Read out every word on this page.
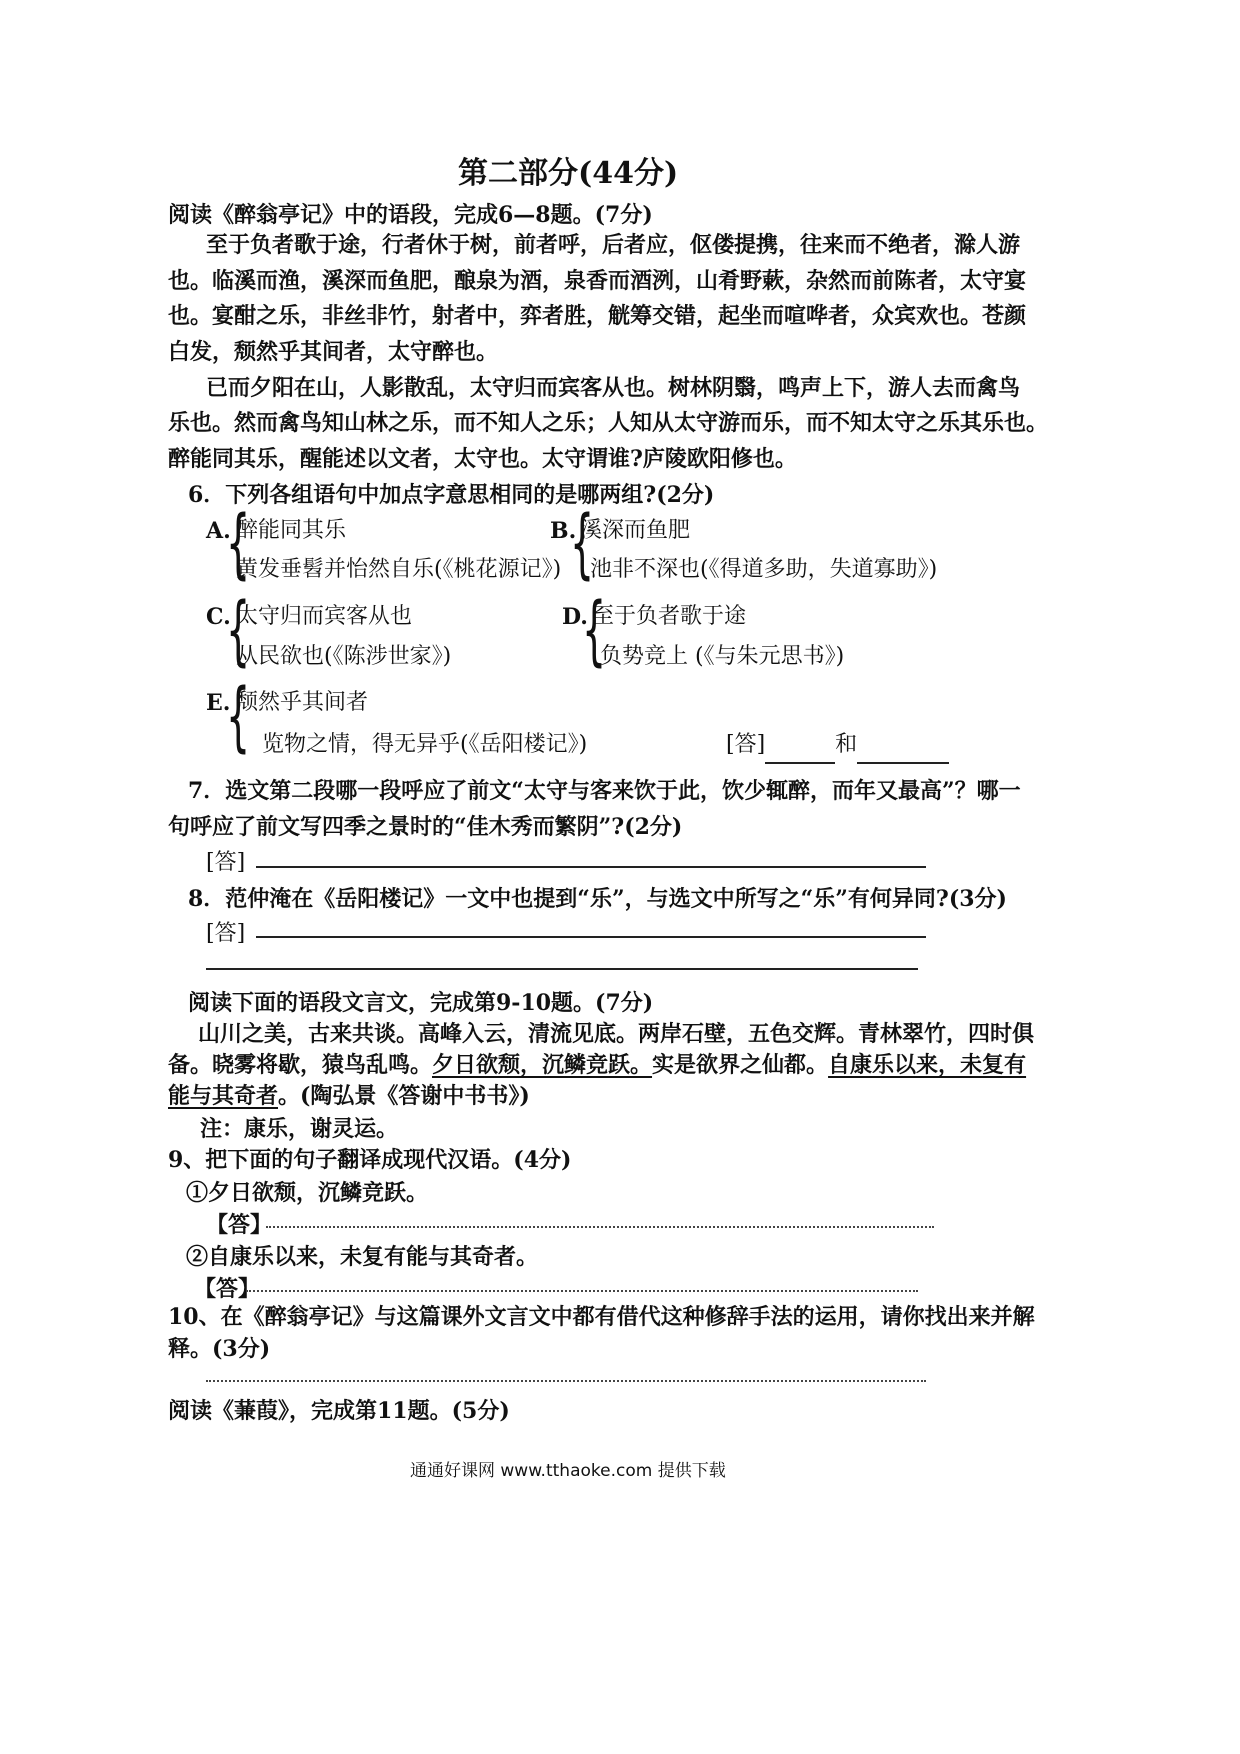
第二部分(44分)
阅读《醉翁亭记》中的语段，完成6—8题。(7分)
至于负者歌于途，行者休于树，前者呼，后者应，伛偻提携，往来而不绝者，滁人游
也。临溪而渔，溪深而鱼肥，酿泉为酒，泉香而酒洌，山肴野蔌，杂然而前陈者，太守宴
也。宴酣之乐，非丝非竹，射者中，弈者胜，觥筹交错，起坐而喧哗者，众宾欢也。苍颜
白发，颓然乎其间者，太守醉也。
已而夕阳在山，人影散乱，太守归而宾客从也。树林阴翳，鸣声上下，游人去而禽鸟
乐也。然而禽鸟知山林之乐，而不知人之乐；人知从太守游而乐，而不知太守之乐其乐也。
醉能同其乐，醒能述以文者，太守也。太守谓谁?庐陵欧阳修也。
6．下列各组语句中加点字意思相同的是哪两组?(2分)
A.
{
醉能同其乐
黄发垂髫并怡然自乐(《桃花源记》)
B.
{
溪深而鱼肥
池非不深也(《得道多助，失道寡助》)
C.
{
太守归而宾客从也
从民欲也(《陈涉世家》)
D.
{
至于负者歌于途
负势竞上 (《与朱元思书》)
E.
{
颓然乎其间者
览物之情，得无异乎(《岳阳楼记》)	[答]	和
7．选文第二段哪一段呼应了前文“太守与客来饮于此，饮少辄醉，而年又最高”？哪一
句呼应了前文写四季之景时的“佳木秀而繁阴”?(2分)
[答]
8．范仲淹在《岳阳楼记》一文中也提到“乐”，与选文中所写之“乐”有何异同?(3分)
[答]
阅读下面的语段文言文，完成第9-10题。(7分)
山川之美，古来共谈。高峰入云，清流见底。两岸石壁，五色交辉。青林翠竹，四时俱
备。晓雾将歇，猿鸟乱鸣。夕日欲颓，沉鳞竞跃。实是欲界之仙都。自康乐以来，未复有
能与其奇者。(陶弘景《答谢中书书》)
注：康乐，谢灵运。
9、把下面的句子翻译成现代汉语。(4分)
①夕日欲颓，沉鳞竞跃。
【答】
②自康乐以来，未复有能与其奇者。
【答】
10、在《醉翁亭记》与这篇课外文言文中都有借代这种修辞手法的运用，请你找出来并解
释。(3分)
阅读《蒹葭》，完成第11题。(5分)
通通好课网 www.tthaoke.com 提供下载
